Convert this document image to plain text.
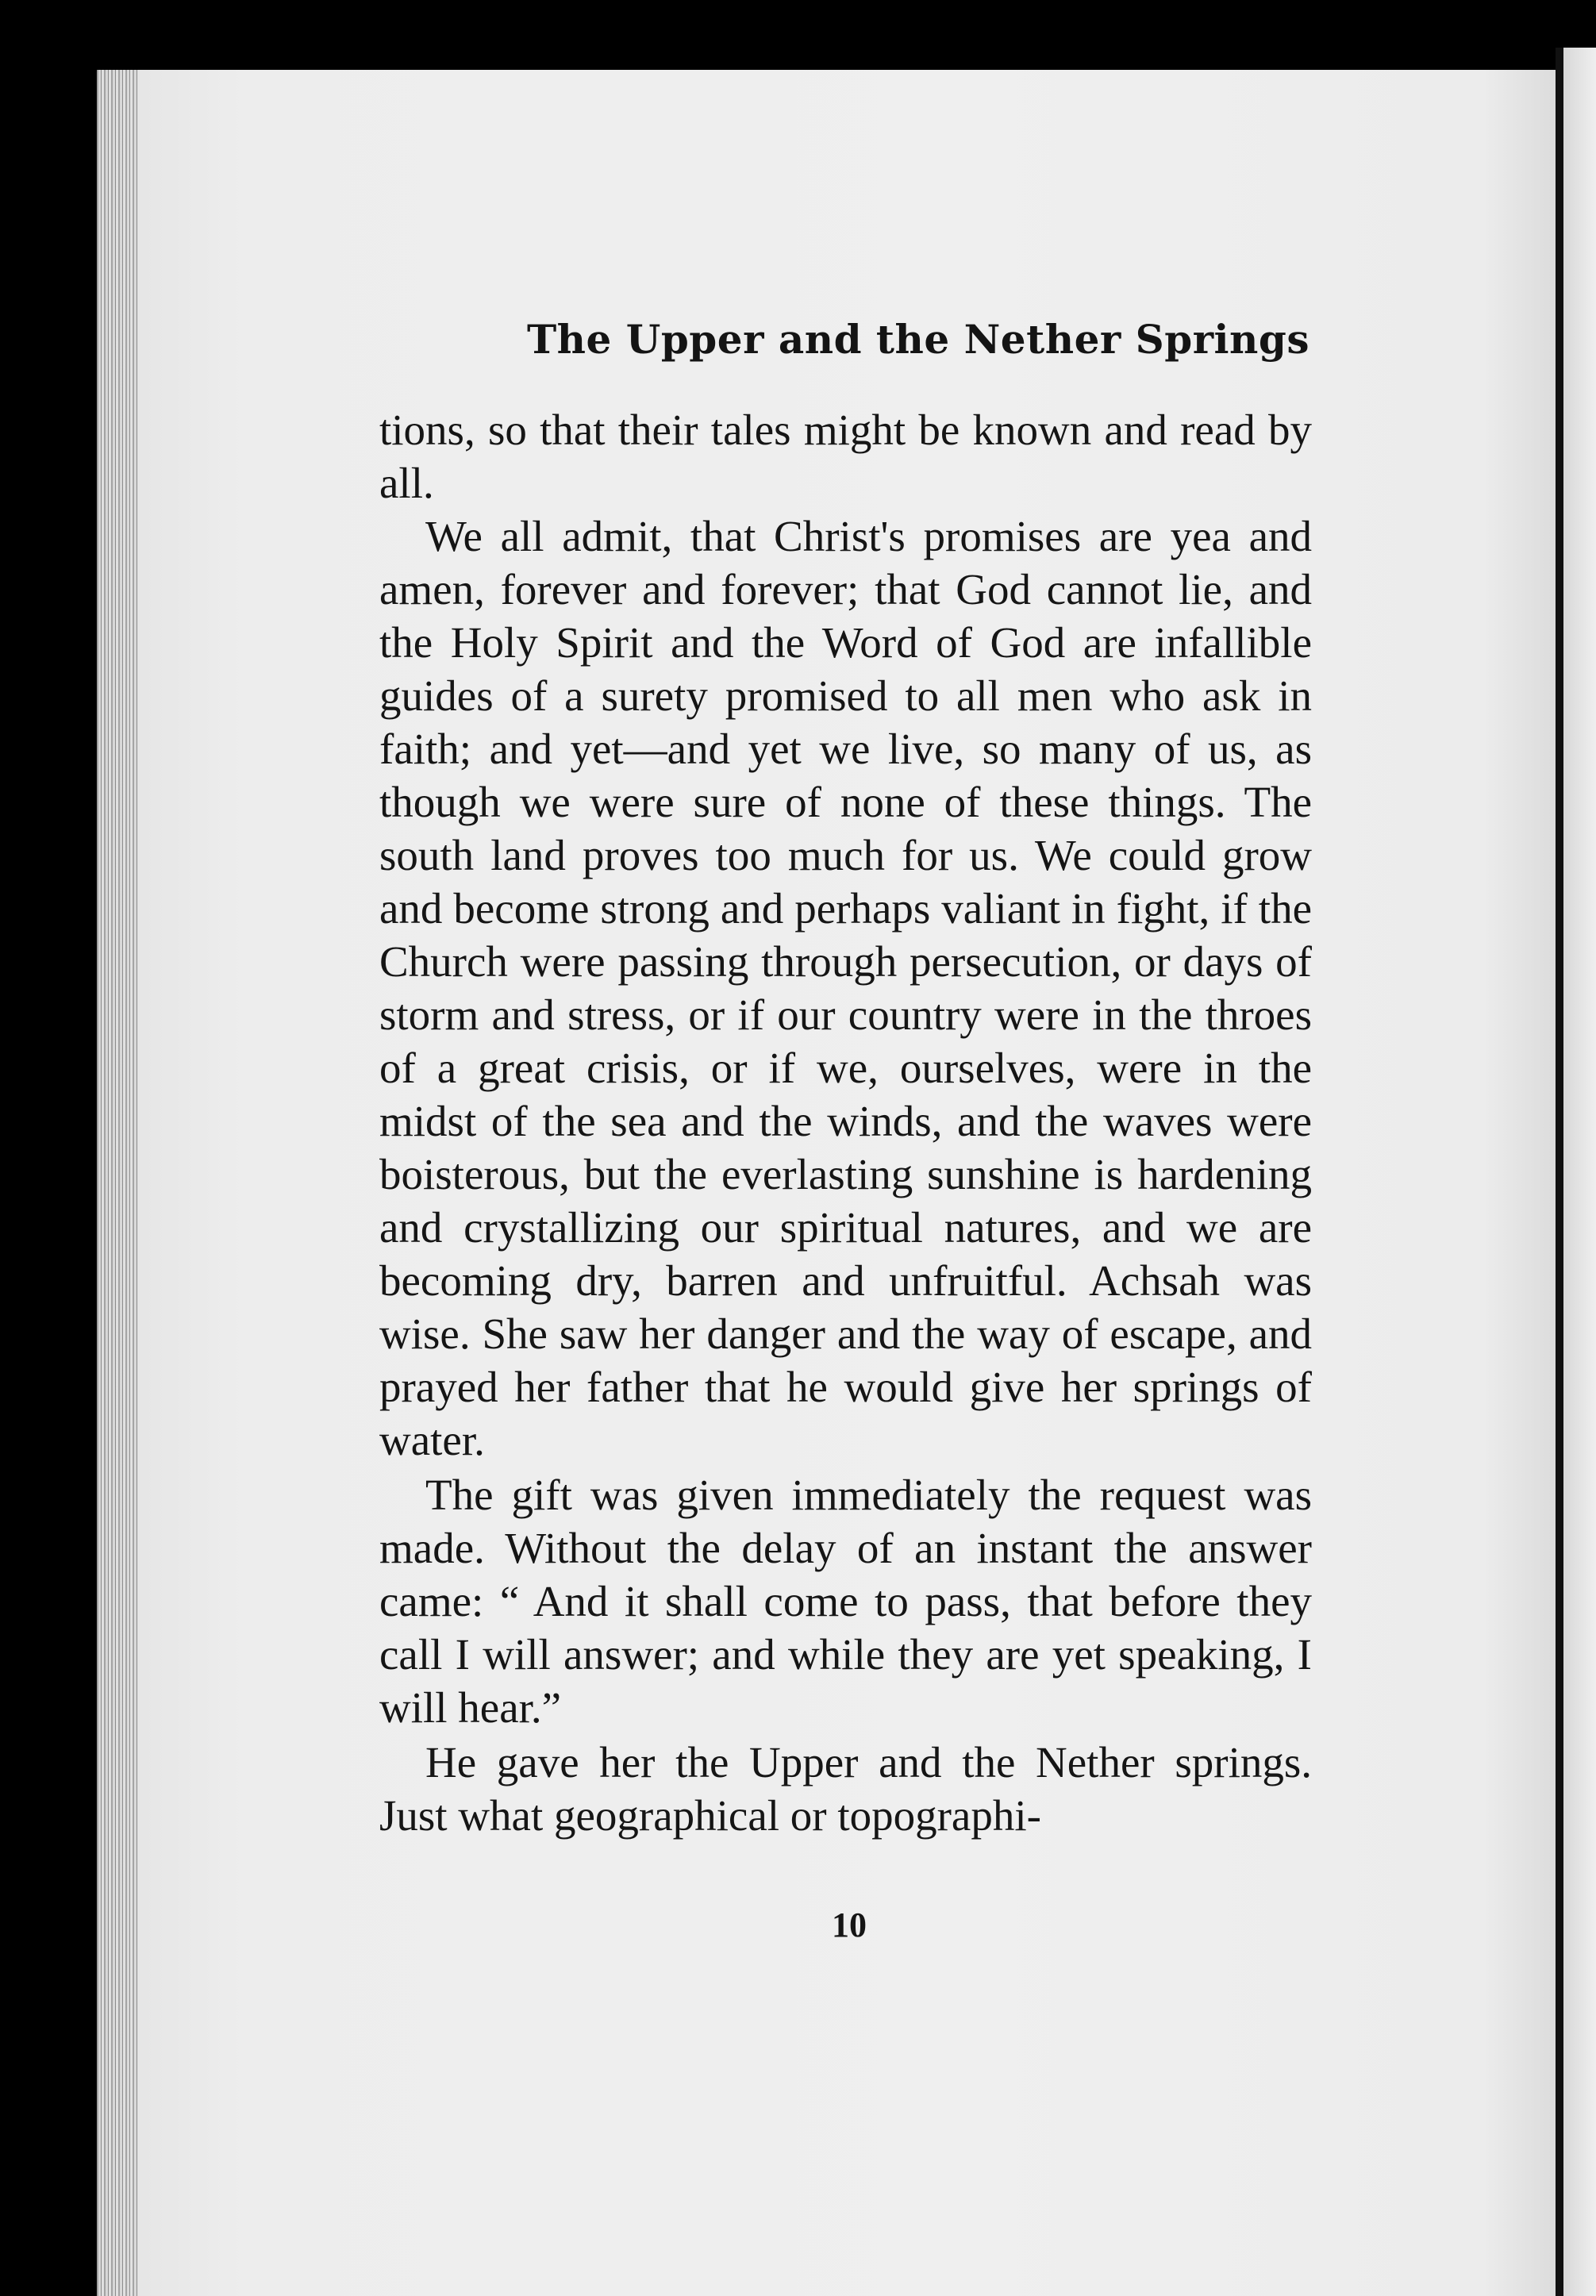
The Upper and the Nether Springs

tions, so that their tales might be known and read by all.

We all admit, that Christ's promises are yea and amen, forever and forever; that God cannot lie, and the Holy Spirit and the Word of God are infallible guides of a surety promised to all men who ask in faith; and yet—and yet we live, so many of us, as though we were sure of none of these things. The south land proves too much for us. We could grow and become strong and perhaps valiant in fight, if the Church were passing through persecution, or days of storm and stress, or if our country were in the throes of a great crisis, or if we, ourselves, were in the midst of the sea and the winds, and the waves were boisterous, but the everlasting sunshine is hardening and crystallizing our spiritual natures, and we are becoming dry, barren and unfruitful. Achsah was wise. She saw her danger and the way of escape, and prayed her father that he would give her springs of water.

The gift was given immediately the request was made. Without the delay of an instant the answer came: “ And it shall come to pass, that before they call I will answer; and while they are yet speaking, I will hear.”

He gave her the Upper and the Nether springs. Just what geographical or topographi-

10
